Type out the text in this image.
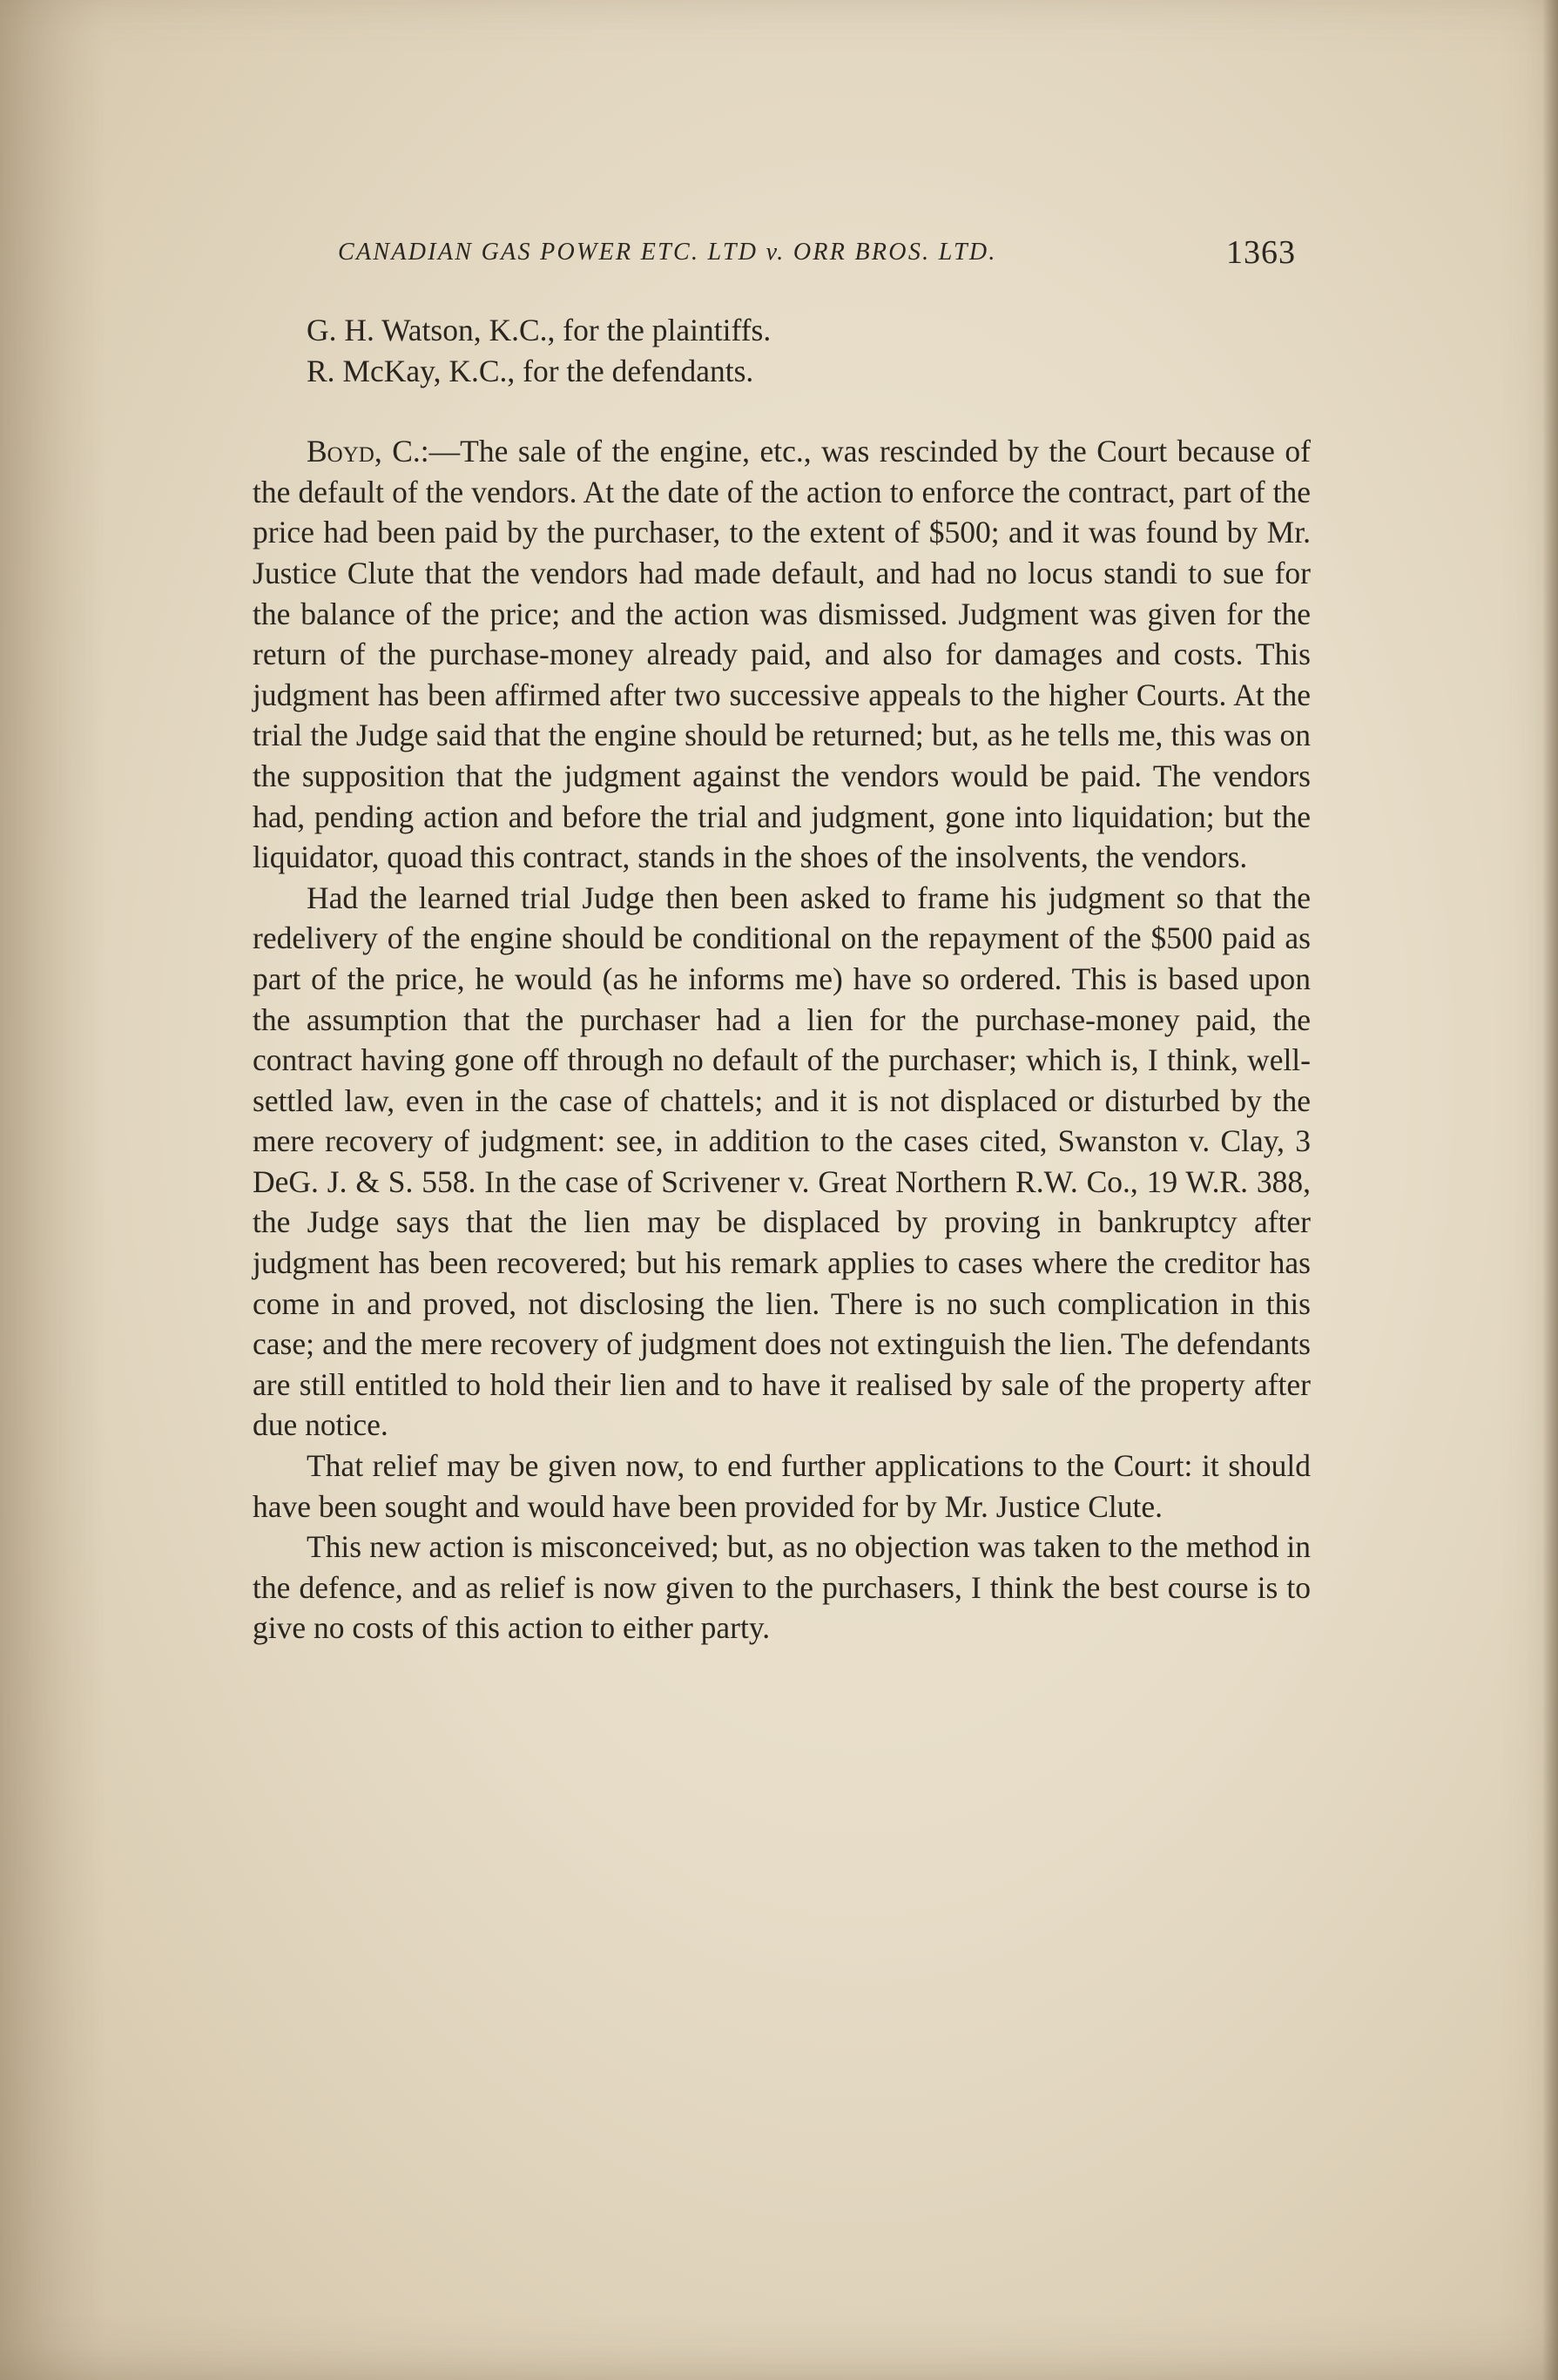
CANADIAN GAS POWER ETC. LTD v. ORR BROS. LTD.	1363

G. H. Watson, K.C., for the plaintiffs.

R. McKay, K.C., for the defendants.

Boyd, C.:—The sale of the engine, etc., was rescinded by the Court because of the default of the vendors. At the date of the action to enforce the contract, part of the price had been paid by the purchaser, to the extent of $500; and it was found by Mr. Justice Clute that the vendors had made default, and had no locus standi to sue for the balance of the price; and the action was dismissed. Judgment was given for the return of the purchase-money already paid, and also for damages and costs. This judgment has been affirmed after two successive appeals to the higher Courts. At the trial the Judge said that the engine should be returned; but, as he tells me, this was on the supposition that the judgment against the vendors would be paid. The vendors had, pending action and before the trial and judgment, gone into liquidation; but the liquidator, quoad this contract, stands in the shoes of the insolvents, the vendors.

Had the learned trial Judge then been asked to frame his judgment so that the redelivery of the engine should be conditional on the repayment of the $500 paid as part of the price, he would (as he informs me) have so ordered. This is based upon the assumption that the purchaser had a lien for the purchase-money paid, the contract having gone off through no default of the purchaser; which is, I think, well-settled law, even in the case of chattels; and it is not displaced or disturbed by the mere recovery of judgment: see, in addition to the cases cited, Swanston v. Clay, 3 DeG. J. & S. 558. In the case of Scrivener v. Great Northern R.W. Co., 19 W.R. 388, the Judge says that the lien may be displaced by proving in bankruptcy after judgment has been recovered; but his remark applies to cases where the creditor has come in and proved, not disclosing the lien. There is no such complication in this case; and the mere recovery of judgment does not extinguish the lien. The defendants are still entitled to hold their lien and to have it realised by sale of the property after due notice.

That relief may be given now, to end further applications to the Court: it should have been sought and would have been provided for by Mr. Justice Clute.

This new action is misconceived; but, as no objection was taken to the method in the defence, and as relief is now given to the purchasers, I think the best course is to give no costs of this action to either party.
